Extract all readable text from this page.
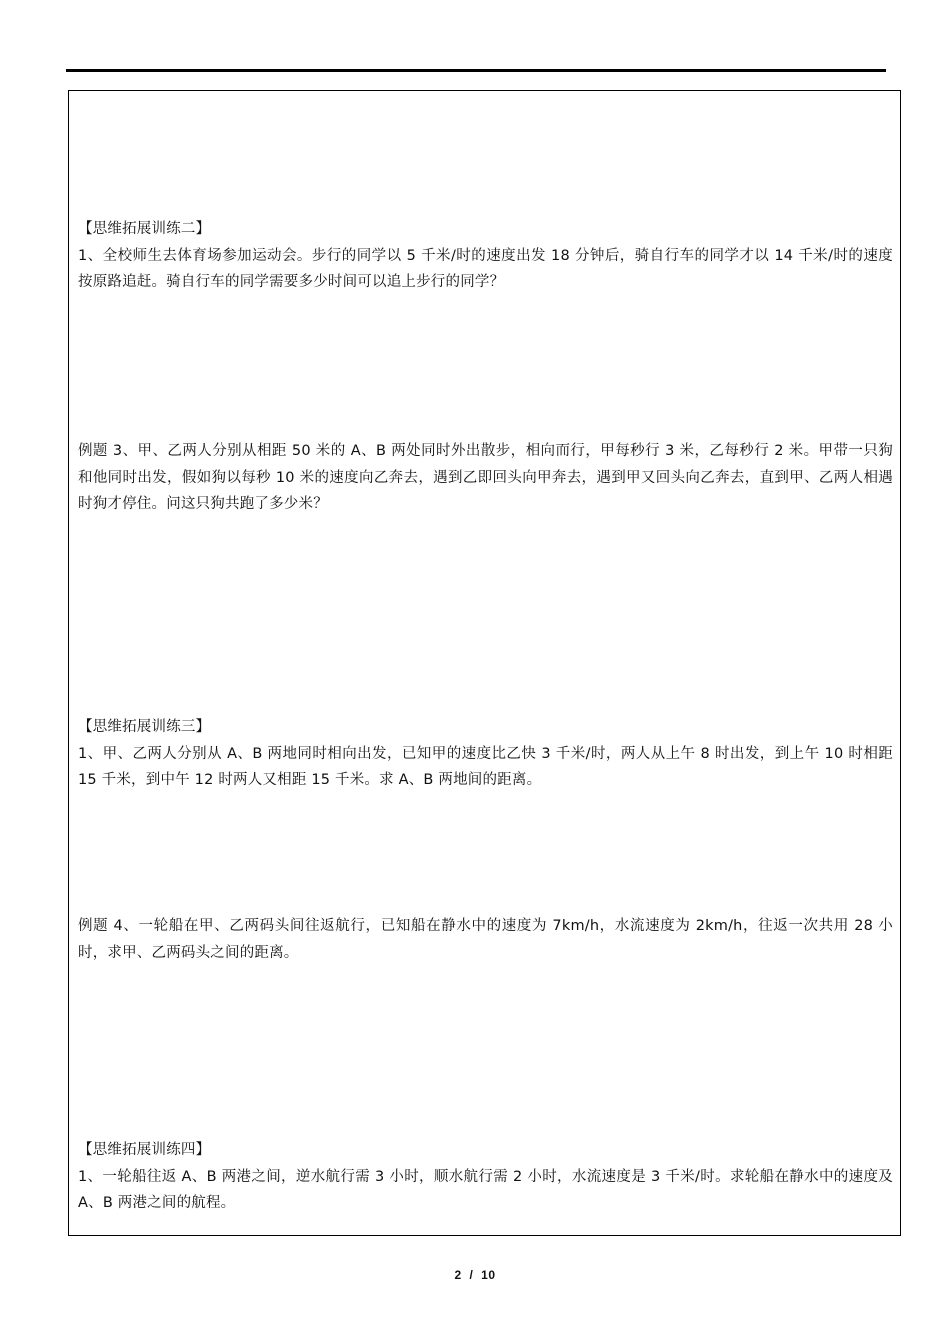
【思维拓展训练二】

1、全校师生去体育场参加运动会。步行的同学以 5 千米/时的速度出发 18 分钟后，骑自行车的同学才以 14 千米/时的速度按原路追赶。骑自行车的同学需要多少时间可以追上步行的同学？

例题 3、甲、乙两人分别从相距 50 米的 A、B 两处同时外出散步，相向而行，甲每秒行 3 米，乙每秒行 2 米。甲带一只狗和他同时出发，假如狗以每秒 10 米的速度向乙奔去，遇到乙即回头向甲奔去，遇到甲又回头向乙奔去，直到甲、乙两人相遇时狗才停住。问这只狗共跑了多少米？

【思维拓展训练三】

1、甲、乙两人分别从 A、B 两地同时相向出发，已知甲的速度比乙快 3 千米/时，两人从上午 8 时出发，到上午 10 时相距 15 千米，到中午 12 时两人又相距 15 千米。求 A、B 两地间的距离。

例题 4、一轮船在甲、乙两码头间往返航行，已知船在静水中的速度为 7km/h，水流速度为 2km/h，往返一次共用 28 小时，求甲、乙两码头之间的距离。

【思维拓展训练四】

1、一轮船往返 A、B 两港之间，逆水航行需 3 小时，顺水航行需 2 小时，水流速度是 3 千米/时。求轮船在静水中的速度及 A、B 两港之间的航程。

2 / 10
